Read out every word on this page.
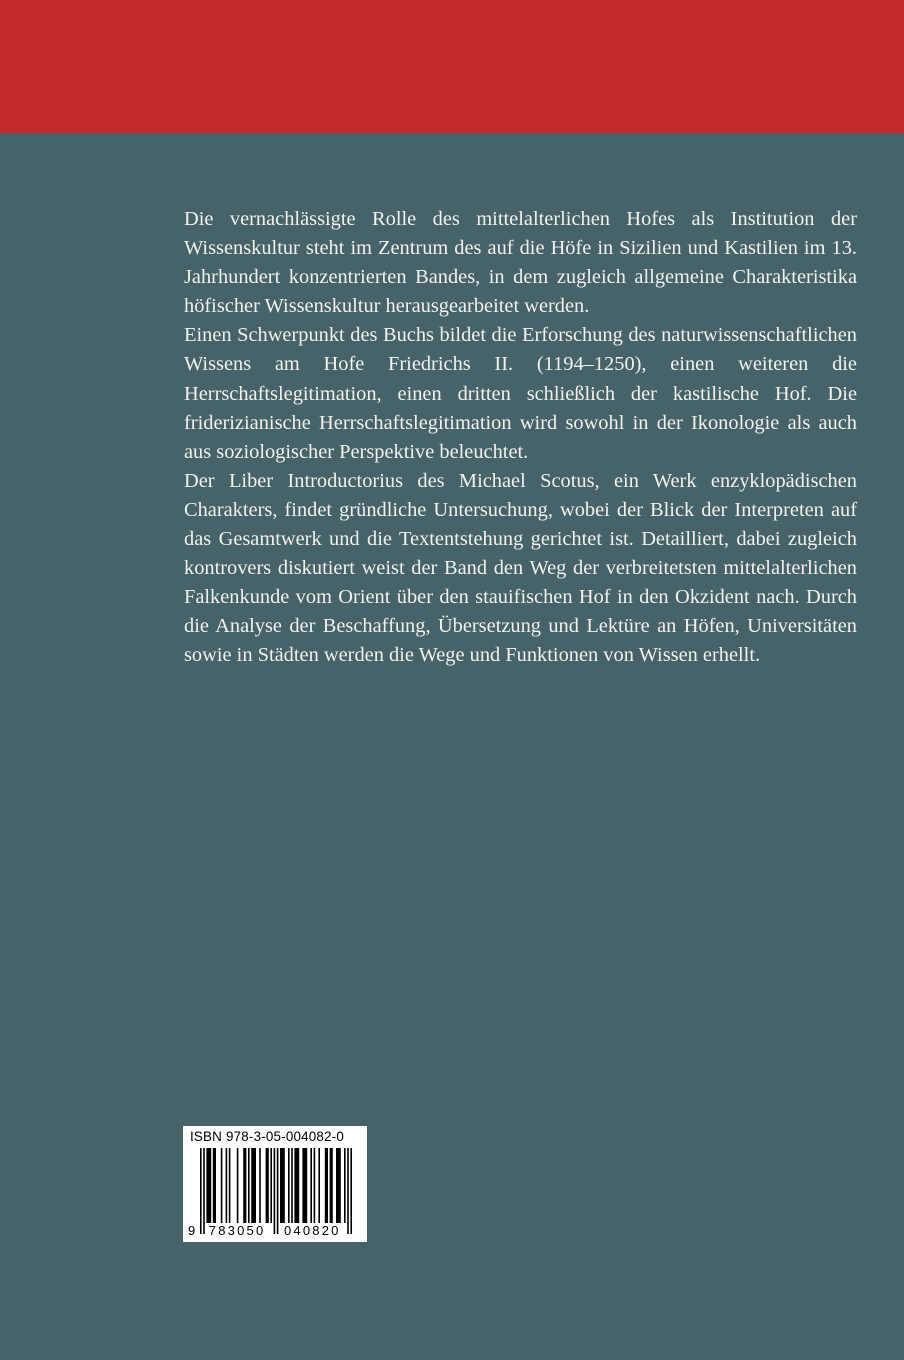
Die vernachlässigte Rolle des mittelalterlichen Hofes als Institution der Wissenskultur steht im Zentrum des auf die Höfe in Sizilien und Kastilien im 13. Jahrhundert konzentrierten Bandes, in dem zugleich allgemeine Charakteristika höfischer Wissenskultur herausgearbeitet werden.

Einen Schwerpunkt des Buchs bildet die Erforschung des naturwissenschaftlichen Wissens am Hofe Friedrichs II. (1194–1250), einen weiteren die Herrschaftslegitimation, einen dritten schließlich der kastilische Hof. Die friderizianische Herrschaftslegitimation wird sowohl in der Ikonologie als auch aus soziologischer Perspektive beleuchtet.

Der Liber Introductorius des Michael Scotus, ein Werk enzyklopädischen Charakters, findet gründliche Untersuchung, wobei der Blick der Interpreten auf das Gesamtwerk und die Textentstehung gerichtet ist. Detailliert, dabei zugleich kontrovers diskutiert weist der Band den Weg der verbreitetsten mittelalterlichen Falkenkunde vom Orient über den stauifischen Hof in den Okzident nach. Durch die Analyse der Beschaffung, Übersetzung und Lektüre an Höfen, Universitäten sowie in Städten werden die Wege und Funktionen von Wissen erhellt.

ISBN 978-3-05-004082-0
9 783050 040820
